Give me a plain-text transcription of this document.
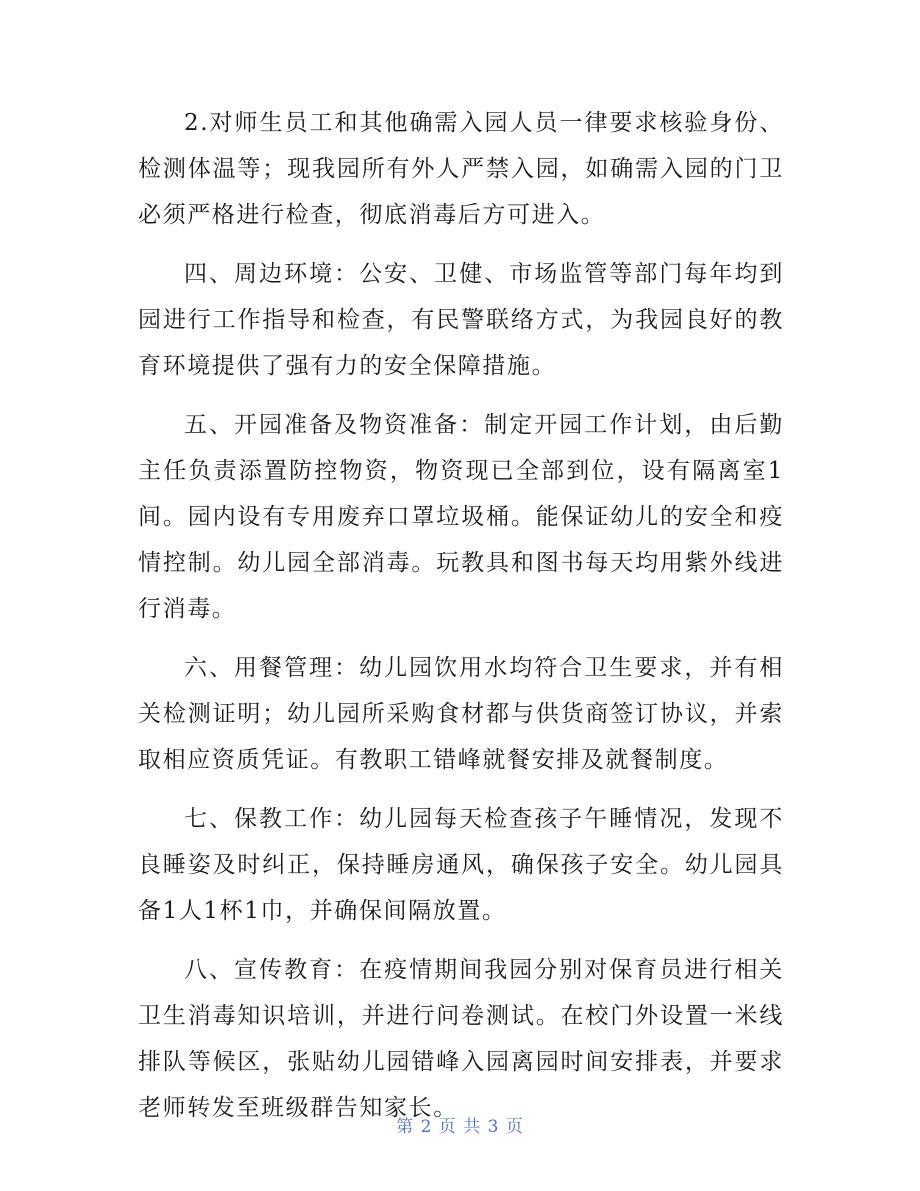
2.对师生员工和其他确需入园人员一律要求核验身份、检测体温等；现我园所有外人严禁入园，如确需入园的门卫必须严格进行检查，彻底消毒后方可进入。

四、周边环境：公安、卫健、市场监管等部门每年均到园进行工作指导和检查，有民警联络方式，为我园良好的教育环境提供了强有力的安全保障措施。

五、开园准备及物资准备：制定开园工作计划，由后勤主任负责添置防控物资，物资现已全部到位，设有隔离室1间。园内设有专用废弃口罩垃圾桶。能保证幼儿的安全和疫情控制。幼儿园全部消毒。玩教具和图书每天均用紫外线进行消毒。

六、用餐管理：幼儿园饮用水均符合卫生要求，并有相关检测证明；幼儿园所采购食材都与供货商签订协议，并索取相应资质凭证。有教职工错峰就餐安排及就餐制度。

七、保教工作：幼儿园每天检查孩子午睡情况，发现不良睡姿及时纠正，保持睡房通风，确保孩子安全。幼儿园具备1人1杯1巾，并确保间隔放置。

八、宣传教育：在疫情期间我园分别对保育员进行相关卫生消毒知识培训，并进行问卷测试。在校门外设置一米线排队等候区，张贴幼儿园错峰入园离园时间安排表，并要求老师转发至班级群告知家长。

第 2 页 共 3 页
